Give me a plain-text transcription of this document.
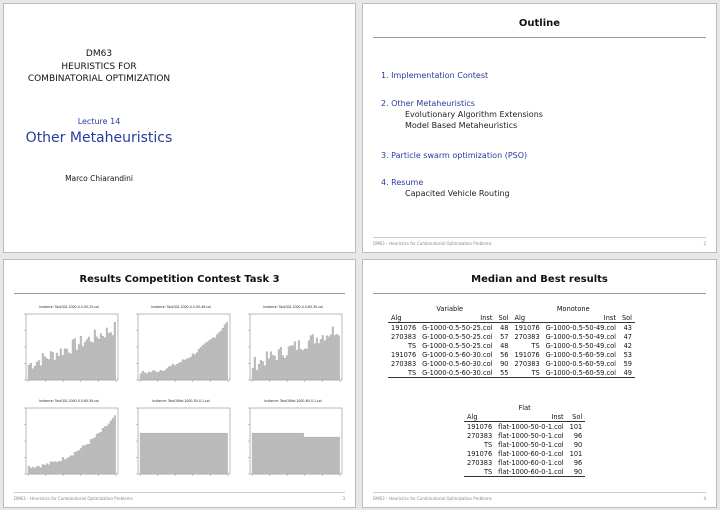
DM63
HEURISTICS FOR
COMBINATORIAL OPTIMIZATION
Lecture 14
Other Metaheuristics
Marco Chiarandini
Outline
1. Implementation Contest
2. Other Metaheuristics
Evolutionary Algorithm Extensions
Model Based Metaheuristics
3. Particle swarm optimization (PSO)
4. Resume
Capacited Vehicle Routing
DM63 – Heuristics for Combinatorial Optimization Problems	2
Results Competition Contest Task 3
Instance: Task3/G-1000-0.5-50-25.col	Instance: Task3/G-1000-0.5-50-49.col	Instance: Task3/G-1000-0.5-60-30.col
Instance: Task3/G-1000-0.5-60-59.col	Instance: Task3/flat-1000-50-0-1.col	Instance: Task3/flat-1000-60-0-1.col
DM63 – Heuristics for Combinatorial Optimization Problems	3
Median and Best results
Variable			Monotone		
Alg	Inst	Sol	Alg	Inst	Sol
191076	G-1000-0.5-50-25.col	48	191076	G-1000-0.5-50-49.col	43
270383	G-1000-0.5-50-25.col	57	270383	G-1000-0.5-50-49.col	47
TS	G-1000-0.5-50-25.col	48	TS	G-1000-0.5-50-49.col	42
191076	G-1000-0.5-60-30.col	56	191076	G-1000-0.5-60-59.col	53
270383	G-1000-0.5-60-30.col	90	270383	G-1000-0.5-60-59.col	59
TS	G-1000-0.5-60-30.col	55	TS	G-1000-0.5-60-59.col	49
Flat		
Alg	Inst	Sol
191076	flat-1000-50-0-1.col	101
270383	flat-1000-50-0-1.col	96
TS	flat-1000-50-0-1.col	90
191076	flat-1000-60-0-1.col	101
270383	flat-1000-60-0-1.col	96
TS	flat-1000-60-0-1.col	90
DM63 – Heuristics for Combinatorial Optimization Problems	4
